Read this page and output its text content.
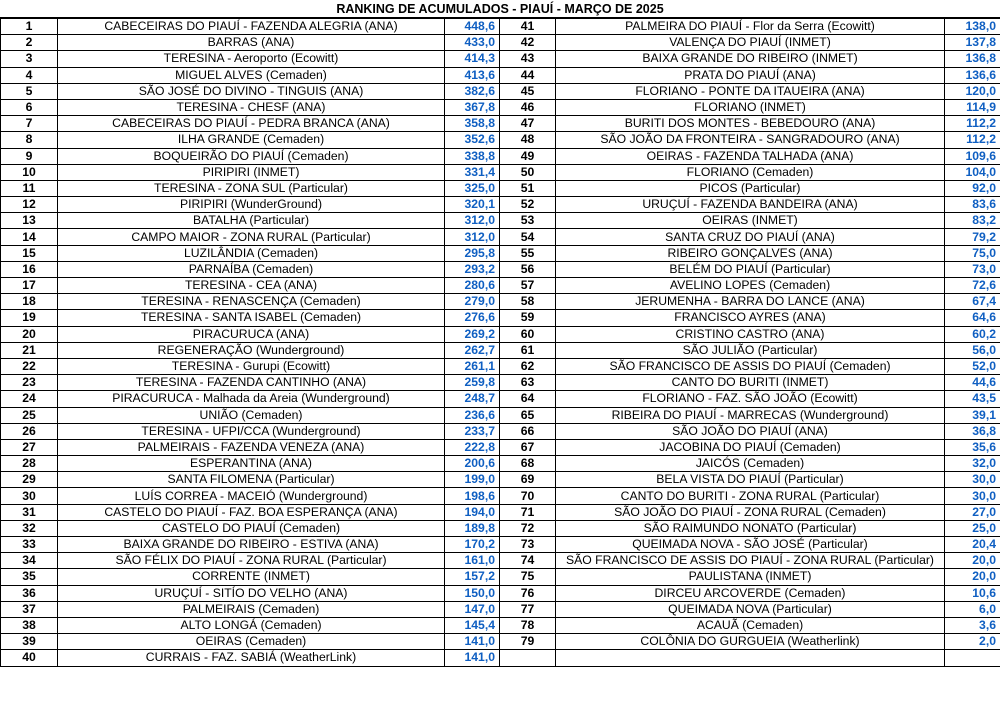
RANKING DE ACUMULADOS - PIAUÍ - MARÇO DE 2025
1	CABECEIRAS DO PIAUÍ - FAZENDA ALEGRIA (ANA)	448,6	41	PALMEIRA DO PIAUÍ - Flor da Serra (Ecowitt)	138,0
2	BARRAS (ANA)	433,0	42	VALENÇA DO PIAUÍ (INMET)	137,8
3	TERESINA - Aeroporto (Ecowitt)	414,3	43	BAIXA GRANDE DO RIBEIRO (INMET)	136,8
4	MIGUEL ALVES (Cemaden)	413,6	44	PRATA DO PIAUÍ (ANA)	136,6
5	SÃO JOSÉ DO DIVINO - TINGUIS (ANA)	382,6	45	FLORIANO - PONTE DA ITAUEIRA (ANA)	120,0
6	TERESINA - CHESF (ANA)	367,8	46	FLORIANO (INMET)	114,9
7	CABECEIRAS DO PIAUÍ - PEDRA BRANCA (ANA)	358,8	47	BURITI DOS MONTES - BEBEDOURO (ANA)	112,2
8	ILHA GRANDE (Cemaden)	352,6	48	SÃO JOÃO DA FRONTEIRA - SANGRADOURO (ANA)	112,2
9	BOQUEIRÃO DO PIAUÍ (Cemaden)	338,8	49	OEIRAS - FAZENDA TALHADA (ANA)	109,6
10	PIRIPIRI (INMET)	331,4	50	FLORIANO (Cemaden)	104,0
11	TERESINA - ZONA SUL (Particular)	325,0	51	PICOS (Particular)	92,0
12	PIRIPIRI (WunderGround)	320,1	52	URUÇUÍ - FAZENDA BANDEIRA (ANA)	83,6
13	BATALHA (Particular)	312,0	53	OEIRAS (INMET)	83,2
14	CAMPO MAIOR - ZONA RURAL (Particular)	312,0	54	SANTA CRUZ DO PIAUÍ (ANA)	79,2
15	LUZILÂNDIA (Cemaden)	295,8	55	RIBEIRO GONÇALVES (ANA)	75,0
16	PARNAÍBA (Cemaden)	293,2	56	BELÉM DO PIAUÍ (Particular)	73,0
17	TERESINA - CEA (ANA)	280,6	57	AVELINO LOPES (Cemaden)	72,6
18	TERESINA - RENASCENÇA (Cemaden)	279,0	58	JERUMENHA - BARRA DO LANCE (ANA)	67,4
19	TERESINA - SANTA ISABEL (Cemaden)	276,6	59	FRANCISCO AYRES (ANA)	64,6
20	PIRACURUCA (ANA)	269,2	60	CRISTINO CASTRO (ANA)	60,2
21	REGENERAÇÃO (Wunderground)	262,7	61	SÃO JULIÃO (Particular)	56,0
22	TERESINA - Gurupi (Ecowitt)	261,1	62	SÃO FRANCISCO DE ASSIS DO PIAUÍ (Cemaden)	52,0
23	TERESINA - FAZENDA CANTINHO (ANA)	259,8	63	CANTO DO BURITI (INMET)	44,6
24	PIRACURUCA - Malhada da Areia (Wunderground)	248,7	64	FLORIANO - FAZ. SÃO JOÃO (Ecowitt)	43,5
25	UNIÃO (Cemaden)	236,6	65	RIBEIRA DO PIAUÍ - MARRECAS (Wunderground)	39,1
26	TERESINA - UFPI/CCA (Wunderground)	233,7	66	SÃO JOÃO DO PIAUÍ (ANA)	36,8
27	PALMEIRAIS - FAZENDA VENEZA (ANA)	222,8	67	JACOBINA DO PIAUÍ (Cemaden)	35,6
28	ESPERANTINA (ANA)	200,6	68	JAICÓS (Cemaden)	32,0
29	SANTA FILOMENA (Particular)	199,0	69	BELA VISTA DO PIAUÍ (Particular)	30,0
30	LUÍS CORREA - MACEIÓ (Wunderground)	198,6	70	CANTO DO BURITI - ZONA RURAL (Particular)	30,0
31	CASTELO DO PIAUÍ - FAZ. BOA ESPERANÇA (ANA)	194,0	71	SÃO JOÃO DO PIAUÍ - ZONA RURAL (Cemaden)	27,0
32	CASTELO DO PIAUÍ (Cemaden)	189,8	72	SÃO RAIMUNDO NONATO (Particular)	25,0
33	BAIXA GRANDE DO RIBEIRO - ESTIVA (ANA)	170,2	73	QUEIMADA NOVA - SÃO JOSÉ (Particular)	20,4
34	SÃO FÉLIX DO PIAUÍ - ZONA RURAL (Particular)	161,0	74	SÃO FRANCISCO DE ASSIS DO PIAUÍ - ZONA RURAL (Particular)	20,0
35	CORRENTE (INMET)	157,2	75	PAULISTANA (INMET)	20,0
36	URUÇUÍ - SITÍO DO VELHO (ANA)	150,0	76	DIRCEU ARCOVERDE (Cemaden)	10,6
37	PALMEIRAIS (Cemaden)	147,0	77	QUEIMADA NOVA (Particular)	6,0
38	ALTO LONGÁ (Cemaden)	145,4	78	ACAUÃ (Cemaden)	3,6
39	OEIRAS (Cemaden)	141,0	79	COLÔNIA DO GURGUEIA (Weatherlink)	2,0
40	CURRAIS - FAZ. SABIÁ (WeatherLink)	141,0			
